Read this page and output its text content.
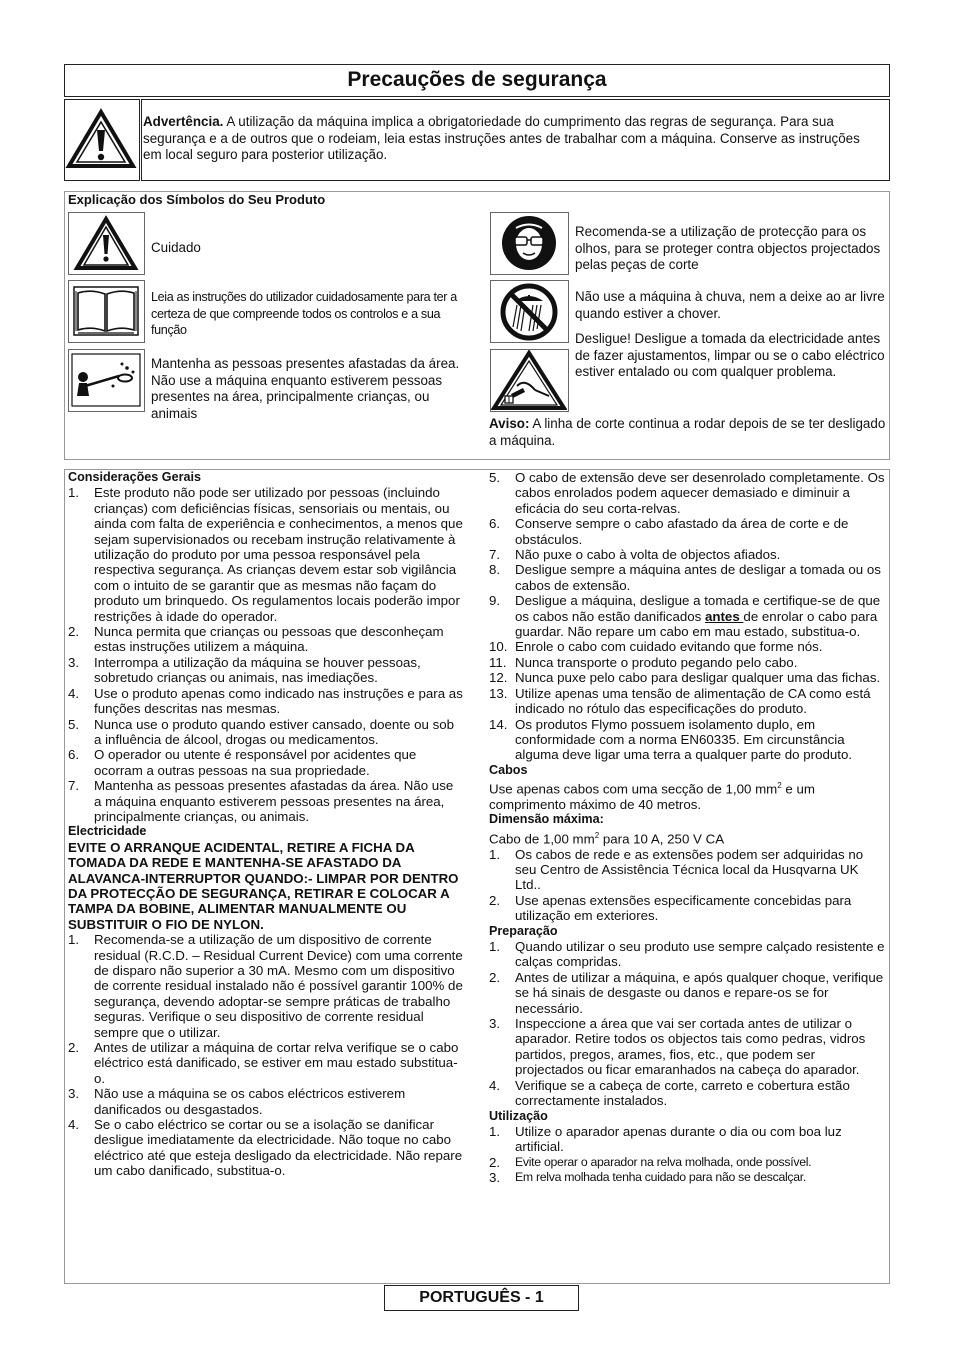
Precauções de segurança
Advertência. A utilização da máquina implica a obrigatoriedade do cumprimento das regras de segurança. Para sua segurança e a de outros que o rodeiam, leia estas instruções antes de trabalhar com a máquina. Conserve as instruções em local seguro para posterior utilização.
Explicação dos Símbolos do Seu Produto
Cuidado
Leia as instruções do utilizador cuidadosamente para ter a certeza de que compreende todos os controlos e a sua função
Mantenha as pessoas presentes afastadas da área. Não use a máquina enquanto estiverem pessoas presentes na área, principalmente crianças, ou animais
Recomenda-se a utilização de protecção para os olhos, para se proteger contra objectos projectados pelas peças de corte
Não use a máquina à chuva, nem a deixe ao ar livre quando estiver a chover.
Desligue! Desligue a tomada da electricidade antes de fazer ajustamentos, limpar ou se o cabo eléctrico estiver entalado ou com qualquer problema.
Aviso: A linha de corte continua a rodar depois de se ter desligado a máquina.

Considerações Gerais

1. Este produto não pode ser utilizado por pessoas (incluindo crianças) com deficiências físicas, sensoriais ou mentais, ou ainda com falta de experiência e conhecimentos, a menos que sejam supervisionados ou recebam instrução relativamente à utilização do produto por uma pessoa responsável pela respectiva segurança. As crianças devem estar sob vigilância com o intuito de se garantir que as mesmas não façam do produto um brinquedo. Os regulamentos locais poderão impor restrições à idade do operador.
2. Nunca permita que crianças ou pessoas que desconheçam estas instruções utilizem a máquina.
3. Interrompa a utilização da máquina se houver pessoas, sobretudo crianças ou animais, nas imediações.
4. Use o produto apenas como indicado nas instruções e para as funções descritas nas mesmas.
5. Nunca use o produto quando estiver cansado, doente ou sob a influência de álcool, drogas ou medicamentos.
6. O operador ou utente é responsável por acidentes que ocorram a outras pessoas na sua propriedade.
7. Mantenha as pessoas presentes afastadas da área. Não use a máquina enquanto estiverem pessoas presentes na área, principalmente crianças, ou animais.

Electricidade

EVITE O ARRANQUE ACIDENTAL, RETIRE A FICHA DA TOMADA DA REDE E MANTENHA-SE AFASTADO DA ALAVANCA-INTERRUPTOR QUANDO:- LIMPAR POR DENTRO DA PROTECÇÃO DE SEGURANÇA, RETIRAR E COLOCAR A TAMPA DA BOBINE, ALIMENTAR MANUALMENTE OU SUBSTITUIR O FIO DE NYLON.

1. Recomenda-se a utilização de um dispositivo de corrente residual (R.C.D. – Residual Current Device) com uma corrente de disparo não superior a 30 mA. Mesmo com um dispositivo de corrente residual instalado não é possível garantir 100% de segurança, devendo adoptar-se sempre práticas de trabalho seguras. Verifique o seu dispositivo de corrente residual sempre que o utilizar.
2. Antes de utilizar a máquina de cortar relva verifique se o cabo eléctrico está danificado, se estiver em mau estado substitua-o.
3. Não use a máquina se os cabos eléctricos estiverem danificados ou desgastados.
4. Se o cabo eléctrico se cortar ou se a isolação se danificar desligue imediatamente da electricidade. Não toque no cabo eléctrico até que esteja desligado da electricidade. Não repare um cabo danificado, substitua-o.
5. O cabo de extensão deve ser desenrolado completamente. Os cabos enrolados podem aquecer demasiado e diminuir a eficácia do seu corta-relvas.
6. Conserve sempre o cabo afastado da área de corte e de obstáculos.
7. Não puxe o cabo à volta de objectos afiados.
8. Desligue sempre a máquina antes de desligar a tomada ou os cabos de extensão.
9. Desligue a máquina, desligue a tomada e certifique-se de que os cabos não estão danificados antes de enrolar o cabo para guardar. Não repare um cabo em mau estado, substitua-o.
10. Enrole o cabo com cuidado evitando que forme nós.
11. Nunca transporte o produto pegando pelo cabo.
12. Nunca puxe pelo cabo para desligar qualquer uma das fichas.
13. Utilize apenas uma tensão de alimentação de CA como está indicado no rótulo das especificações do produto.
14. Os produtos Flymo possuem isolamento duplo, em conformidade com a norma EN60335. Em circunstância alguma deve ligar uma terra a qualquer parte do produto.

Cabos

Use apenas cabos com uma secção de 1,00 $mm^2$ e um comprimento máximo de 40 metros.

Dimensão máxima:

Cabo de 1,00 $mm^2$ para 10 A, 250 V CA

1. Os cabos de rede e as extensões podem ser adquiridas no seu Centro de Assistência Técnica local da Husqvarna UK Ltd..
2. Use apenas extensões especificamente concebidas para utilização em exteriores.

Preparação

1. Quando utilizar o seu produto use sempre calçado resistente e calças compridas.
2. Antes de utilizar a máquina, e após qualquer choque, verifique se há sinais de desgaste ou danos e repare-os se for necessário.
3. Inspeccione a área que vai ser cortada antes de utilizar o aparador. Retire todos os objectos tais como pedras, vidros partidos, pregos, arames, fios, etc., que podem ser projectados ou ficar emaranhados na cabeça do aparador.
4. Verifique se a cabeça de corte, carreto e cobertura estão correctamente instalados.

Utilização

1. Utilize o aparador apenas durante o dia ou com boa luz artificial.
2. Evite operar o aparador na relva molhada, onde possível.
3. Em relva molhada tenha cuidado para não se descalçar.
PORTUGUÊS - 1
